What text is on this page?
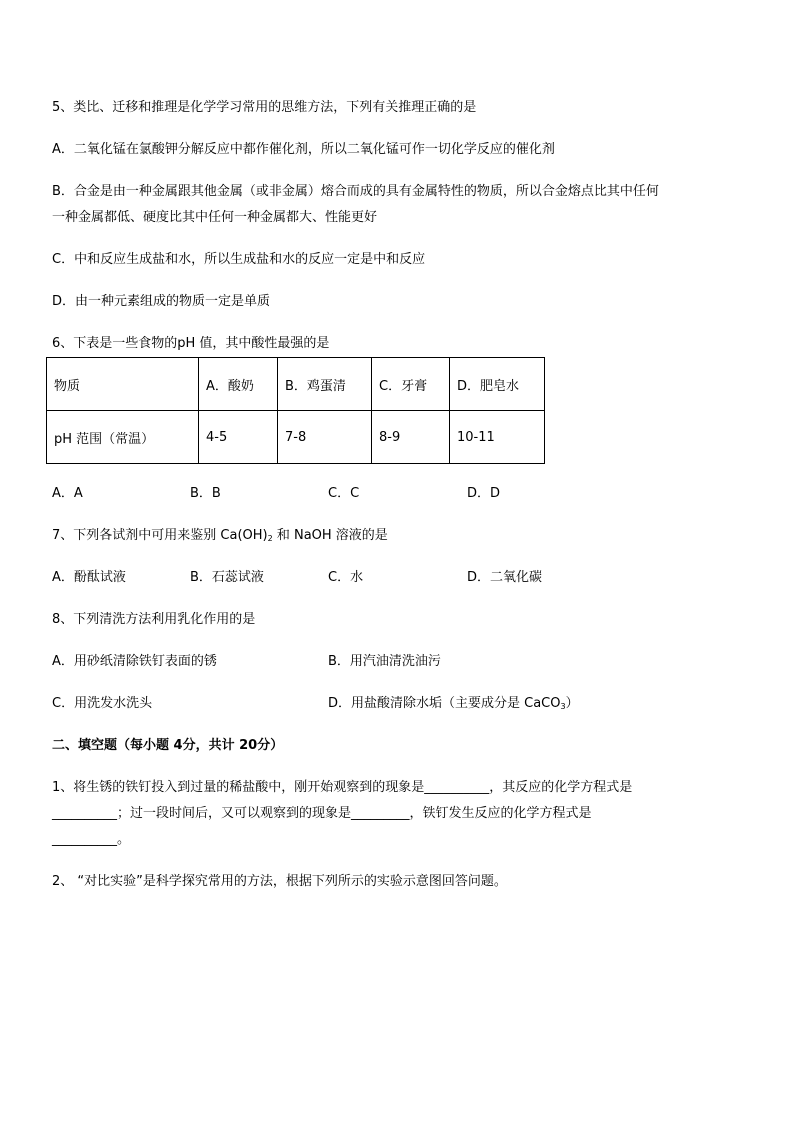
5、类比、迁移和推理是化学学习常用的思维方法，下列有关推理正确的是
A．二氧化锰在氯酸钾分解反应中都作催化剂，所以二氧化锰可作一切化学反应的催化剂
B．合金是由一种金属跟其他金属（或非金属）熔合而成的具有金属特性的物质，所以合金熔点比其中任何
一种金属都低、硬度比其中任何一种金属都大、性能更好
C．中和反应生成盐和水，所以生成盐和水的反应一定是中和反应
D．由一种元素组成的物质一定是单质
6、下表是一些食物的pH 值，其中酸性最强的是
物质	A．酸奶	B．鸡蛋清	C．牙膏	D．肥皂水
pH 范围（常温）	4-5	7-8	8-9	10-11
A．A	B．B	C．C	D．D
7、下列各试剂中可用来鉴别 $Ca(OH)_2$ 和 NaOH 溶液的是
A．酚酞试液	B．石蕊试液	C．水	D．二氧化碳
8、下列清洗方法利用乳化作用的是
A．用砂纸清除铁钉表面的锈	B．用汽油清洗油污
C．用洗发水洗头	D．用盐酸清除水垢（主要成分是 CaCO$_3$）
二、填空题（每小题 4分，共计 20分）
1、将生锈的铁钉投入到过量的稀盐酸中，刚开始观察到的现象是__________，其反应的化学方程式是
__________；过一段时间后，又可以观察到的现象是_________，铁钉发生反应的化学方程式是
__________。
2、 “对比实验”是科学探究常用的方法，根据下列所示的实验示意图回答问题。
